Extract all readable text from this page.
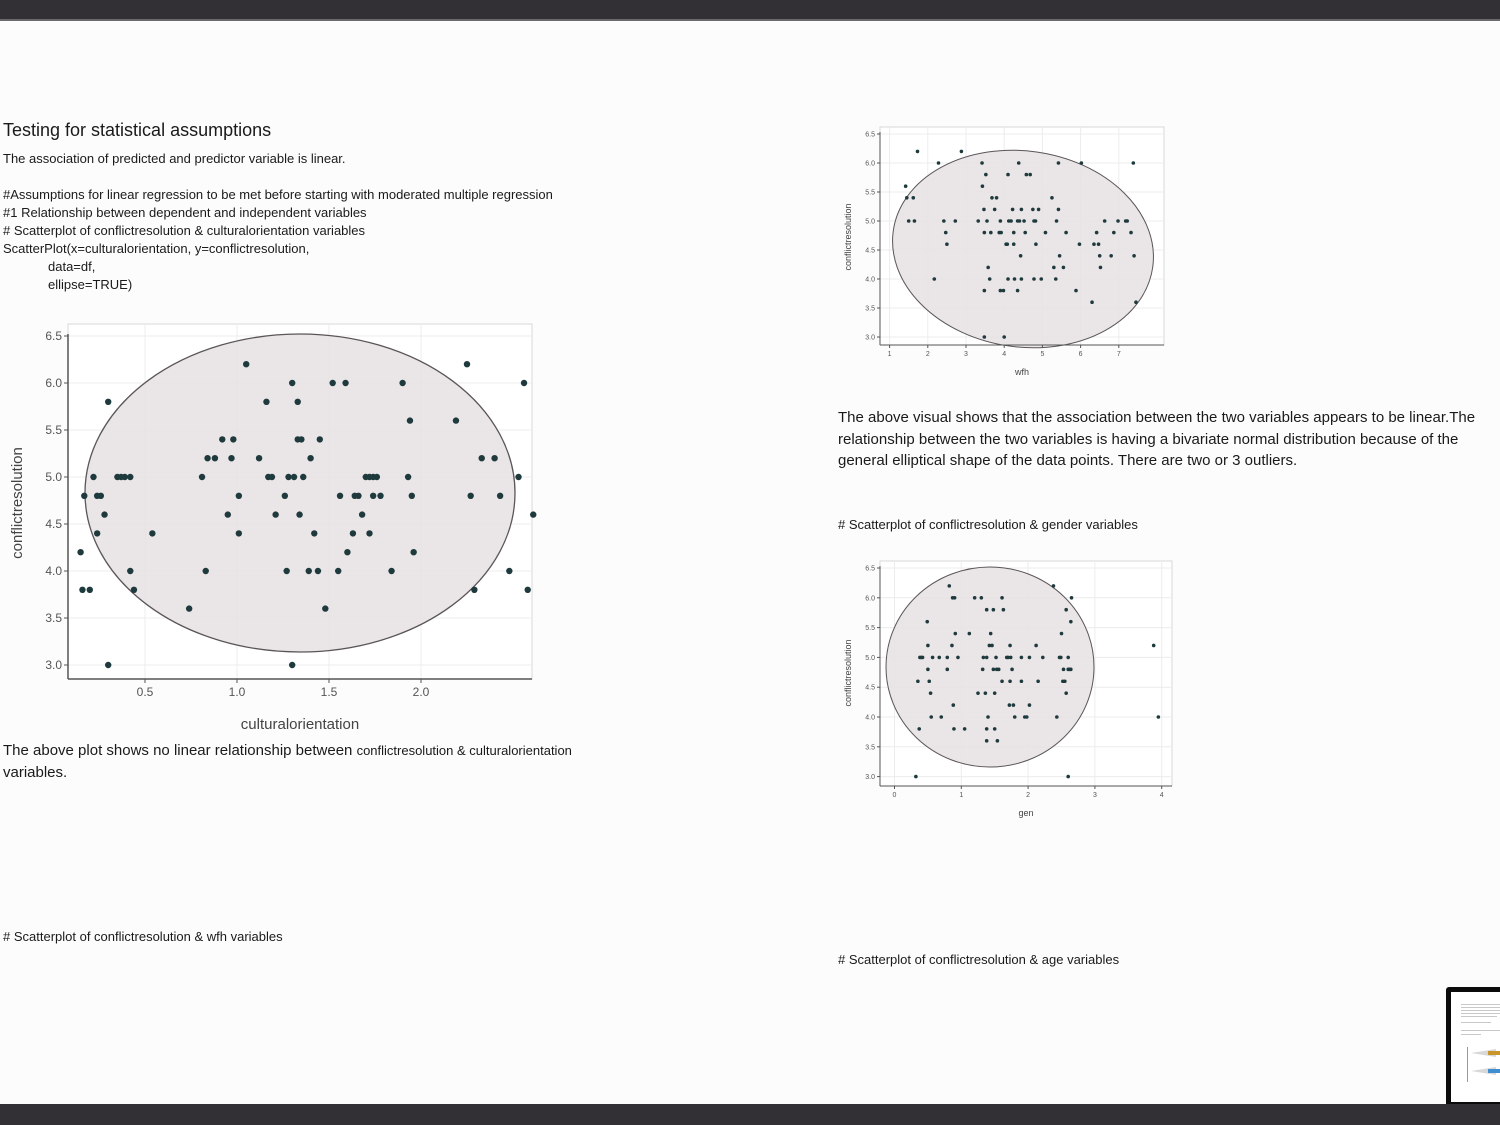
Testing for statistical assumptions
The association of predicted and predictor variable is linear.
#Assumptions for linear regression to be met before starting with moderated multiple regression
#1 Relationship between dependent and independent variables
# Scatterplot of conflictresolution & culturalorientation variables
ScatterPlot(x=culturalorientation, y=conflictresolution,
data=df,
ellipse=TRUE)
3.0
3.5
4.0
4.5
5.0
5.5
6.0
6.5
0.5	1.0	1.5	2.0
culturalorientation
conflictresolution
The above plot shows no linear relationship between conflictresolution & culturalorientation
variables.
# Scatterplot of conflictresolution & wfh variables
3.0
3.5
4.0
4.5
5.0
5.5
6.0
6.5
1	2	3	4	5	6	7
wfh
conflictresolution
The above visual shows that the association between the two variables appears to be linear.The relationship between the two variables is having a bivariate normal distribution because of the general elliptical shape of the data points. There are two or 3 outliers.
# Scatterplot of conflictresolution & gender variables
3.0
3.5
4.0
4.5
5.0
5.5
6.0
6.5
0	1	2	3	4
gen
conflictresolution
# Scatterplot of conflictresolution & age variables
